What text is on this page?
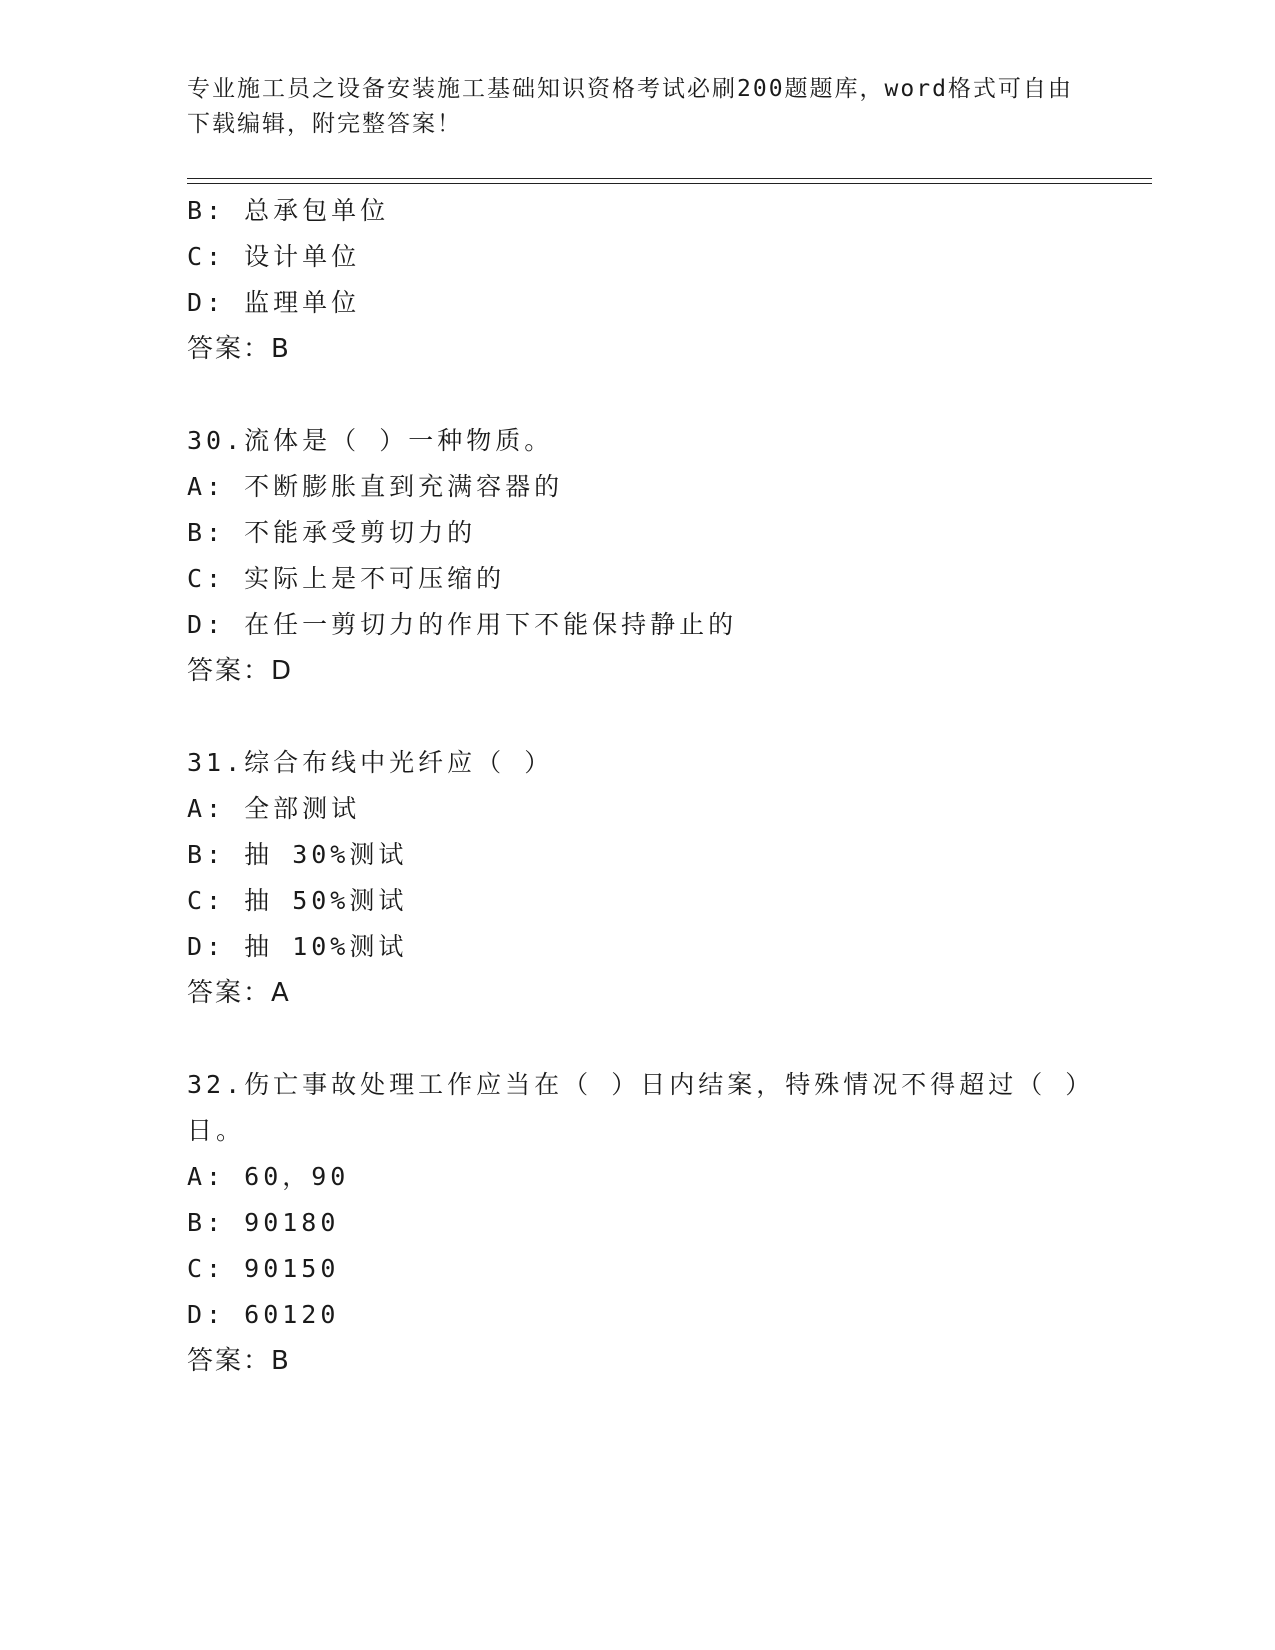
专业施工员之设备安装施工基础知识资格考试必刷200题题库，word格式可自由下载编辑，附完整答案！

B: 总承包单位

C: 设计单位

D: 监理单位

答案：B

30.流体是（ ）一种物质。

A: 不断膨胀直到充满容器的

B: 不能承受剪切力的

C: 实际上是不可压缩的

D: 在任一剪切力的作用下不能保持静止的

答案：D

31.综合布线中光纤应（ ）

A: 全部测试

B: 抽 30%测试

C: 抽 50%测试

D: 抽 10%测试

答案：A

32.伤亡事故处理工作应当在（ ）日内结案，特殊情况不得超过（ ）日。

A: 60，90

B: 90180

C: 90150

D: 60120

答案：B
